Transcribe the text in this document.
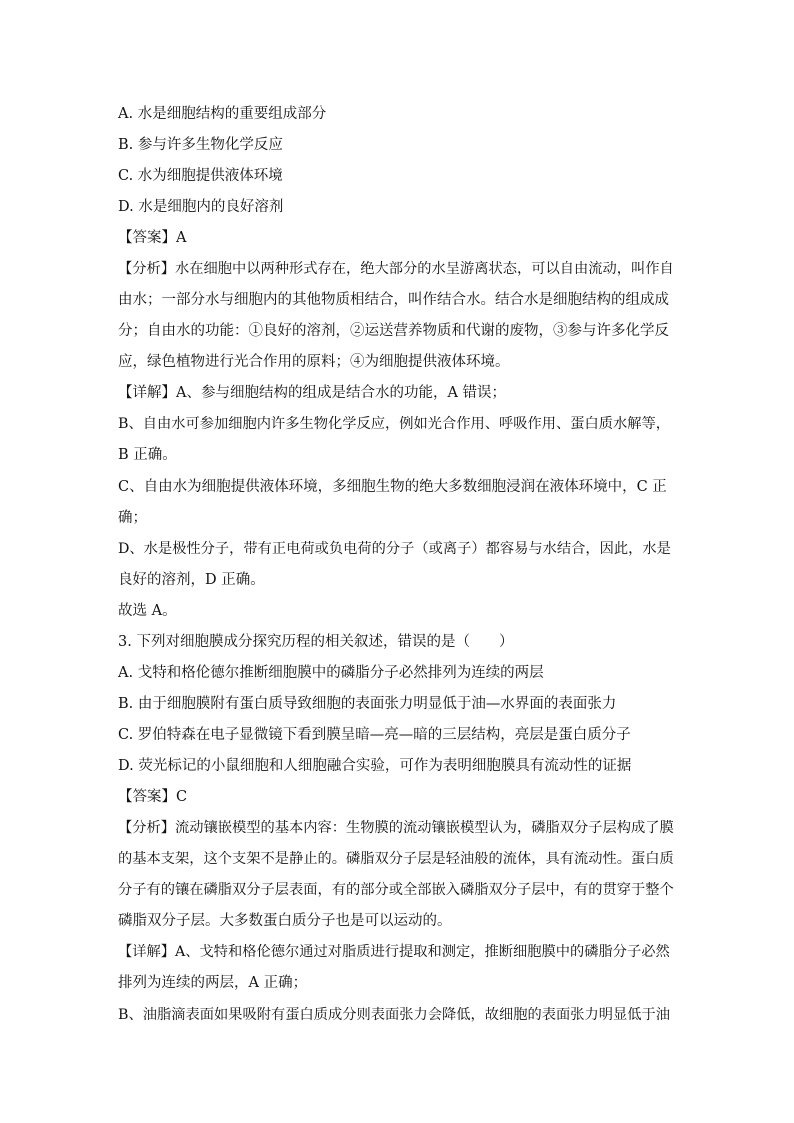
A. 水是细胞结构的重要组成部分
B. 参与许多生物化学反应
C. 水为细胞提供液体环境
D. 水是细胞内的良好溶剂
【答案】A
【分析】水在细胞中以两种形式存在，绝大部分的水呈游离状态，可以自由流动，叫作自
由水；一部分水与细胞内的其他物质相结合，叫作结合水。结合水是细胞结构的组成成
分；自由水的功能：①良好的溶剂，②运送营养物质和代谢的废物，③参与许多化学反
应，绿色植物进行光合作用的原料；④为细胞提供液体环境。
【详解】A、参与细胞结构的组成是结合水的功能，A 错误；
B、自由水可参加细胞内许多生物化学反应，例如光合作用、呼吸作用、蛋白质水解等，
B 正确。
C、自由水为细胞提供液体环境，多细胞生物的绝大多数细胞浸润在液体环境中，C 正
确；
D、水是极性分子，带有正电荷或负电荷的分子（或离子）都容易与水结合，因此，水是
良好的溶剂，D 正确。
故选 A。
3. 下列对细胞膜成分探究历程的相关叙述，错误的是（　　）
A. 戈特和格伦德尔推断细胞膜中的磷脂分子必然排列为连续的两层
B. 由于细胞膜附有蛋白质导致细胞的表面张力明显低于油—水界面的表面张力
C. 罗伯特森在电子显微镜下看到膜呈暗—亮—暗的三层结构，亮层是蛋白质分子
D. 荧光标记的小鼠细胞和人细胞融合实验，可作为表明细胞膜具有流动性的证据
【答案】C
【分析】流动镶嵌模型的基本内容：生物膜的流动镶嵌模型认为，磷脂双分子层构成了膜
的基本支架，这个支架不是静止的。磷脂双分子层是轻油般的流体，具有流动性。蛋白质
分子有的镶在磷脂双分子层表面，有的部分或全部嵌入磷脂双分子层中，有的贯穿于整个
磷脂双分子层。大多数蛋白质分子也是可以运动的。
【详解】A、戈特和格伦德尔通过对脂质进行提取和测定，推断细胞膜中的磷脂分子必然
排列为连续的两层，A 正确；
B、油脂滴表面如果吸附有蛋白质成分则表面张力会降低，故细胞的表面张力明显低于油
